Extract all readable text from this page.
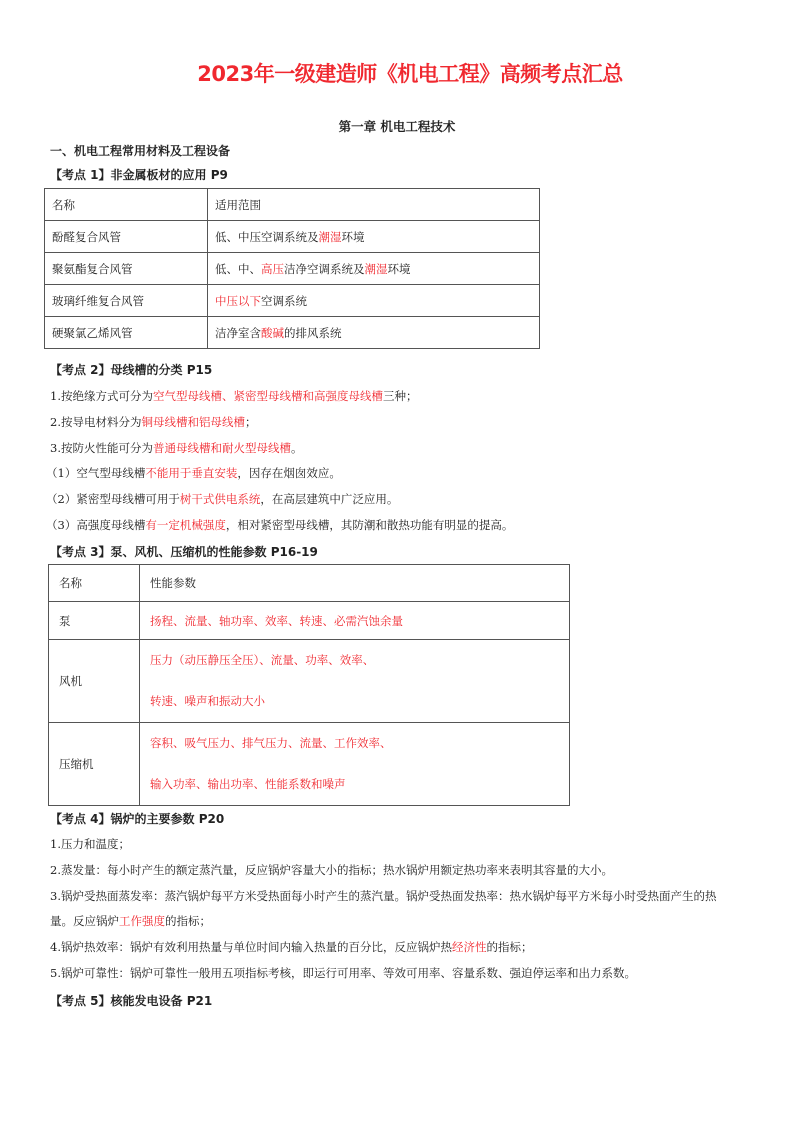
2023年一级建造师《机电工程》高频考点汇总
第一章 机电工程技术
一、机电工程常用材料及工程设备
【考点 1】非金属板材的应用 P9
名称	适用范围
酚醛复合风管	低、中压空调系统及潮湿环境
聚氨酯复合风管	低、中、高压洁净空调系统及潮湿环境
玻璃纤维复合风管	中压以下空调系统
硬聚氯乙烯风管	洁净室含酸碱的排风系统
【考点 2】母线槽的分类 P15
1.按绝缘方式可分为空气型母线槽、紧密型母线槽和高强度母线槽三种；
2.按导电材料分为铜母线槽和铝母线槽；
3.按防火性能可分为普通母线槽和耐火型母线槽。
（1）空气型母线槽不能用于垂直安装，因存在烟囱效应。
（2）紧密型母线槽可用于树干式供电系统，在高层建筑中广泛应用。
（3）高强度母线槽有一定机械强度，相对紧密型母线槽，其防潮和散热功能有明显的提高。
【考点 3】泵、风机、压缩机的性能参数 P16-19
名称	性能参数
泵	扬程、流量、轴功率、效率、转速、必需汽蚀余量

风机	压力（动压静压全压）、流量、功率、效率、
转速、噪声和振动大小

压缩机	容积、吸气压力、排气压力、流量、工作效率、
输入功率、输出功率、性能系数和噪声
【考点 4】锅炉的主要参数 P20
1.压力和温度；
2.蒸发量：每小时产生的额定蒸汽量，反应锅炉容量大小的指标；热水锅炉用额定热功率来表明其容量的大小。
3.锅炉受热面蒸发率：蒸汽锅炉每平方米受热面每小时产生的蒸汽量。锅炉受热面发热率：热水锅炉每平方米每小时受热面产生的热
量。反应锅炉工作强度的指标；
4.锅炉热效率：锅炉有效利用热量与单位时间内输入热量的百分比，反应锅炉热经济性的指标；
5.锅炉可靠性：锅炉可靠性一般用五项指标考核，即运行可用率、等效可用率、容量系数、强迫停运率和出力系数。
【考点 5】核能发电设备 P21
